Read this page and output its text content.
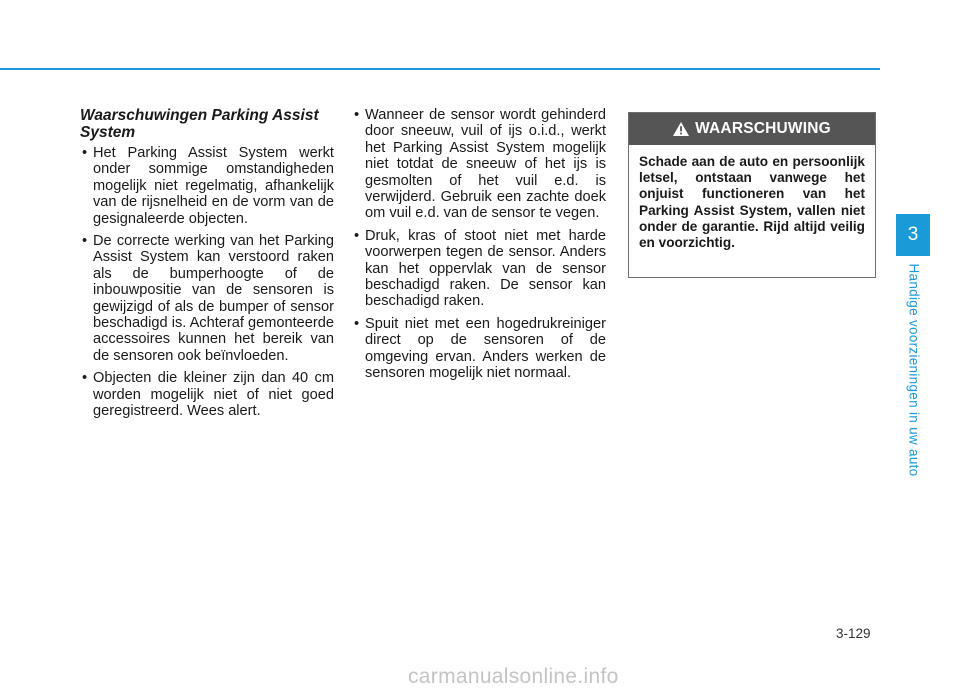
Waarschuwingen Parking Assist System
• Het Parking Assist System werkt onder sommige omstandigheden mogelijk niet regelmatig, afhankelijk van de rijsnelheid en de vorm van de gesignaleerde objecten.
• De correcte werking van het Parking Assist System kan verstoord raken als de bumperhoogte of de inbouwpositie van de sensoren is gewijzigd of als de bumper of sensor beschadigd is. Achteraf gemonteerde accessoires kunnen het bereik van de sensoren ook beïnvloeden.
• Objecten die kleiner zijn dan 40 cm worden mogelijk niet of niet goed geregistreerd. Wees alert.
• Wanneer de sensor wordt gehinderd door sneeuw, vuil of ijs o.i.d., werkt het Parking Assist System mogelijk niet totdat de sneeuw of het ijs is gesmolten of het vuil e.d. is verwijderd. Gebruik een zachte doek om vuil e.d. van de sensor te vegen.
• Druk, kras of stoot niet met harde voorwerpen tegen de sensor. Anders kan het oppervlak van de sensor beschadigd raken. De sensor kan beschadigd raken.
• Spuit niet met een hogedrukreiniger direct op de sensoren of de omgeving ervan. Anders werken de sensoren mogelijk niet normaal.
WAARSCHUWING
Schade aan de auto en persoonlijk letsel, ontstaan vanwege het onjuist functioneren van het Parking Assist System, vallen niet onder de garantie. Rijd altijd veilig en voorzichtig.	3
Handige voorzieningen in uw auto
3-129
carmanualsonline.info
